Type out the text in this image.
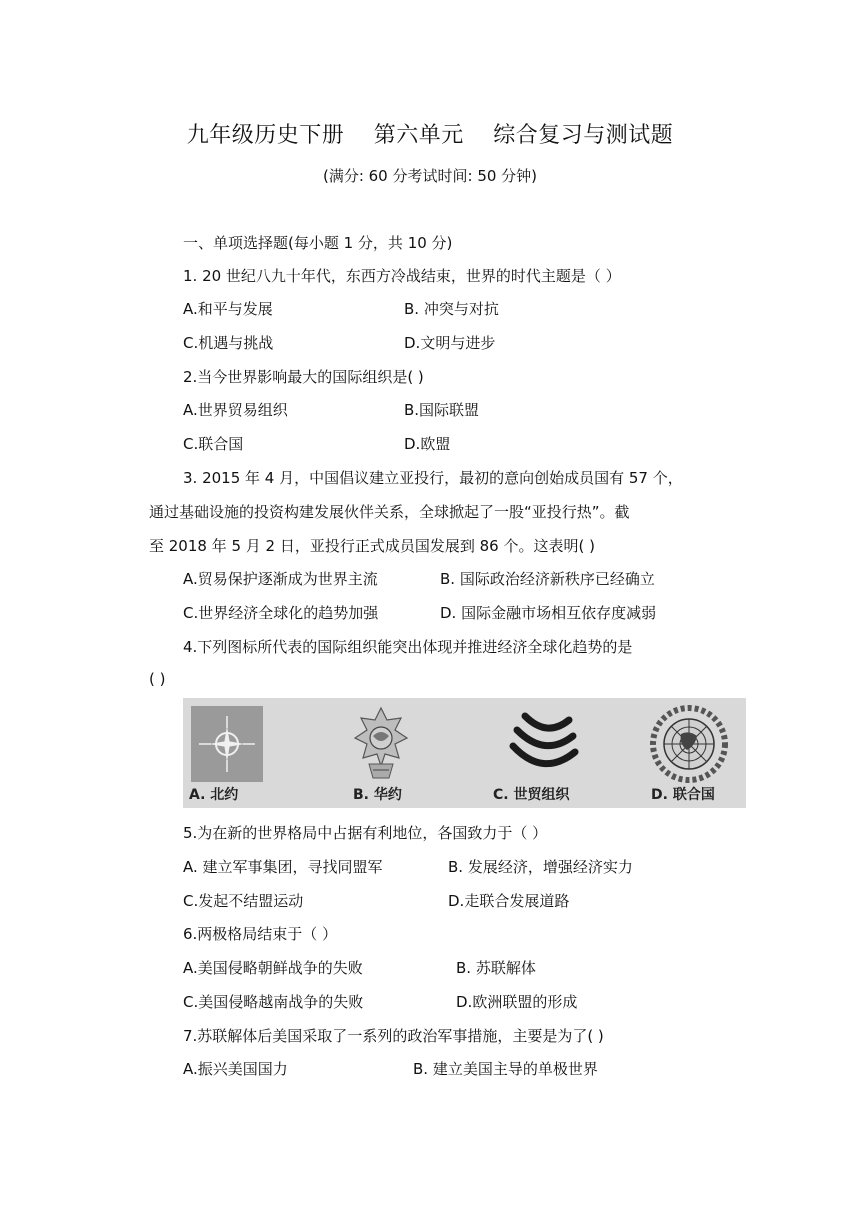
九年级历史下册 第六单元 综合复习与测试题
(满分: 60 分考试时间: 50 分钟)
一、单项选择题(每小题 1 分，共 10 分)
1. 20 世纪八九十年代，东西方冷战结束，世界的时代主题是（ ）
A.和平与发展	B. 冲突与对抗
C.机遇与挑战	D.文明与进步
2.当今世界影响最大的国际组织是( )
A.世界贸易组织	B.国际联盟
C.联合国	D.欧盟
3. 2015 年 4 月，中国倡议建立亚投行，最初的意向创始成员国有 57 个，
通过基础设施的投资构建发展伙伴关系，全球掀起了一股“亚投行热”。截
至 2018 年 5 月 2 日，亚投行正式成员国发展到 86 个。这表明( )
A.贸易保护逐渐成为世界主流	B. 国际政治经济新秩序已经确立
C.世界经济全球化的趋势加强	D. 国际金融市场相互依存度减弱
4.下列图标所代表的国际组织能突出体现并推进经济全球化趋势的是
( )
A. 北约	B. 华约	C. 世贸组织	D. 联合国
5.为在新的世界格局中占据有利地位，各国致力于（ ）
A. 建立军事集团，寻找同盟军	B. 发展经济，增强经济实力
C.发起不结盟运动	D.走联合发展道路
6.两极格局结束于（ ）
A.美国侵略朝鲜战争的失败	B. 苏联解体
C.美国侵略越南战争的失败	D.欧洲联盟的形成
7.苏联解体后美国采取了一系列的政治军事措施，主要是为了( )
A.振兴美国国力	B. 建立美国主导的单极世界
